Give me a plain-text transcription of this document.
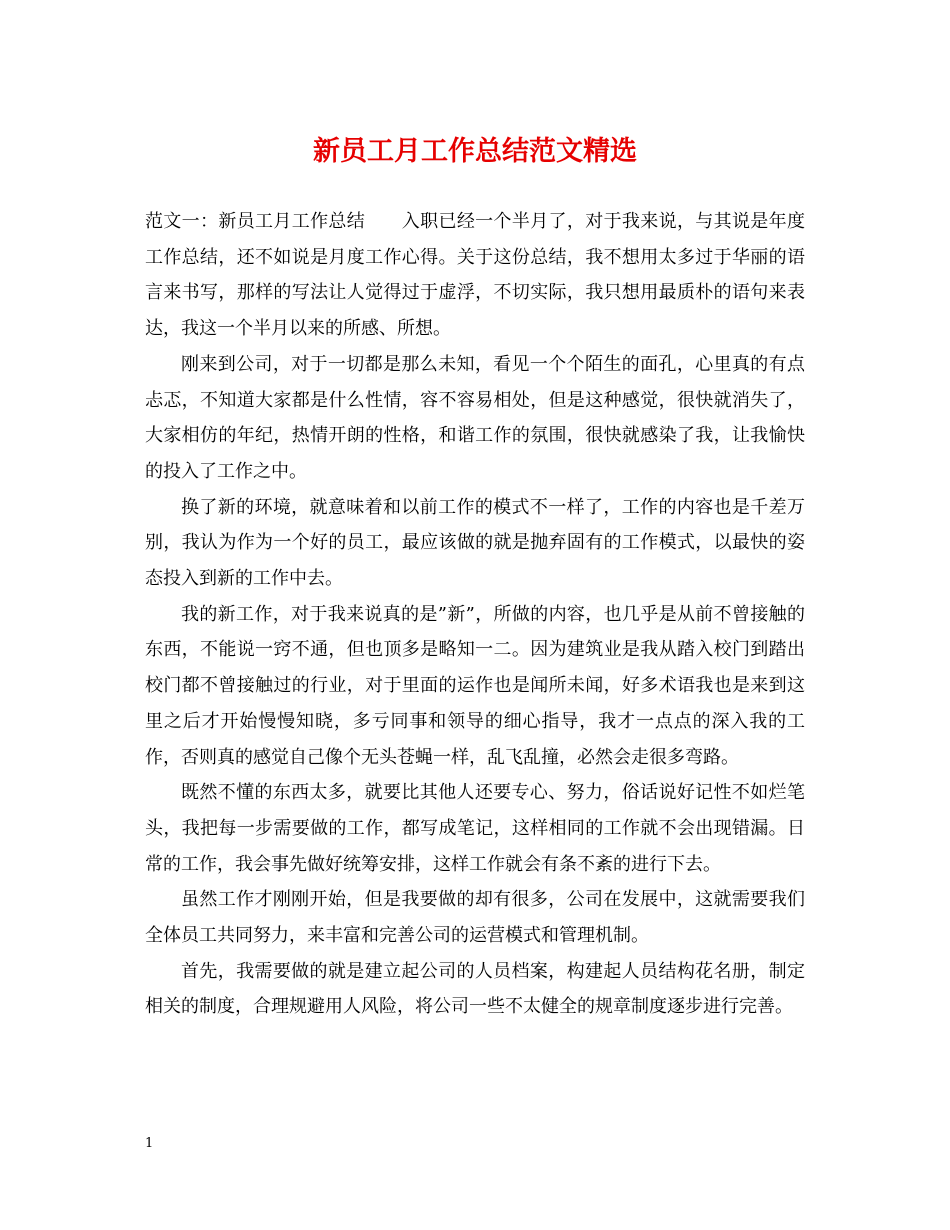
新员工月工作总结范文精选

范文一：新员工月工作总结　　入职已经一个半月了，对于我来说，与其说是年度工作总结，还不如说是月度工作心得。关于这份总结，我不想用太多过于华丽的语言来书写，那样的写法让人觉得过于虚浮，不切实际，我只想用最质朴的语句来表达，我这一个半月以来的所感、所想。

刚来到公司，对于一切都是那么未知，看见一个个陌生的面孔，心里真的有点忐忑，不知道大家都是什么性情，容不容易相处，但是这种感觉，很快就消失了，大家相仿的年纪，热情开朗的性格，和谐工作的氛围，很快就感染了我，让我愉快的投入了工作之中。

换了新的环境，就意味着和以前工作的模式不一样了，工作的内容也是千差万别，我认为作为一个好的员工，最应该做的就是抛弃固有的工作模式，以最快的姿态投入到新的工作中去。

我的新工作，对于我来说真的是”新”，所做的内容，也几乎是从前不曾接触的东西，不能说一窍不通，但也顶多是略知一二。因为建筑业是我从踏入校门到踏出校门都不曾接触过的行业，对于里面的运作也是闻所未闻，好多术语我也是来到这里之后才开始慢慢知晓，多亏同事和领导的细心指导，我才一点点的深入我的工作，否则真的感觉自己像个无头苍蝇一样，乱飞乱撞，必然会走很多弯路。

既然不懂的东西太多，就要比其他人还要专心、努力，俗话说好记性不如烂笔头，我把每一步需要做的工作，都写成笔记，这样相同的工作就不会出现错漏。日常的工作，我会事先做好统筹安排，这样工作就会有条不紊的进行下去。

虽然工作才刚刚开始，但是我要做的却有很多，公司在发展中，这就需要我们全体员工共同努力，来丰富和完善公司的运营模式和管理机制。

首先，我需要做的就是建立起公司的人员档案，构建起人员结构花名册，制定相关的制度，合理规避用人风险，将公司一些不太健全的规章制度逐步进行完善。

1
